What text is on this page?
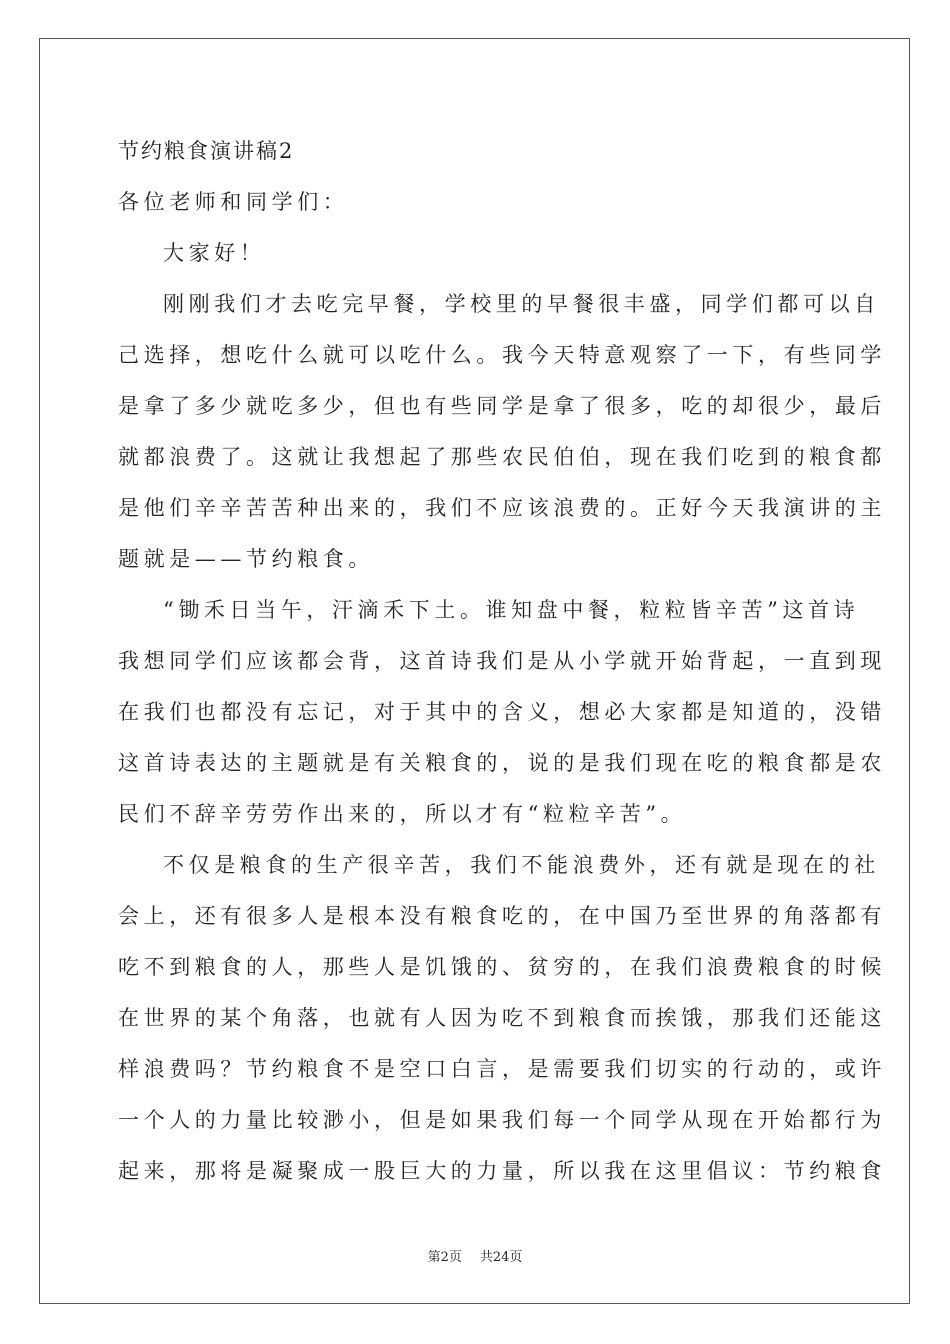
节约粮食演讲稿2
各位老师和同学们：
大家好！
刚刚我们才去吃完早餐，学校里的早餐很丰盛，同学们都可以自
己选择，想吃什么就可以吃什么。我今天特意观察了一下，有些同学
是拿了多少就吃多少，但也有些同学是拿了很多，吃的却很少，最后
就都浪费了。这就让我想起了那些农民伯伯，现在我们吃到的粮食都
是他们辛辛苦苦种出来的，我们不应该浪费的。正好今天我演讲的主
题就是——节约粮食。
“锄禾日当午，汗滴禾下土。谁知盘中餐，粒粒皆辛苦”这首诗
我想同学们应该都会背，这首诗我们是从小学就开始背起，一直到现
在我们也都没有忘记，对于其中的含义，想必大家都是知道的，没错
这首诗表达的主题就是有关粮食的，说的是我们现在吃的粮食都是农
民们不辞辛劳劳作出来的，所以才有“粒粒辛苦”。
不仅是粮食的生产很辛苦，我们不能浪费外，还有就是现在的社
会上，还有很多人是根本没有粮食吃的，在中国乃至世界的角落都有
吃不到粮食的人，那些人是饥饿的、贫穷的，在我们浪费粮食的时候
在世界的某个角落，也就有人因为吃不到粮食而挨饿，那我们还能这
样浪费吗？节约粮食不是空口白言，是需要我们切实的行动的，或许
一个人的力量比较渺小，但是如果我们每一个同学从现在开始都行为
起来，那将是凝聚成一股巨大的力量，所以我在这里倡议：节约粮食
第2页 共24页
